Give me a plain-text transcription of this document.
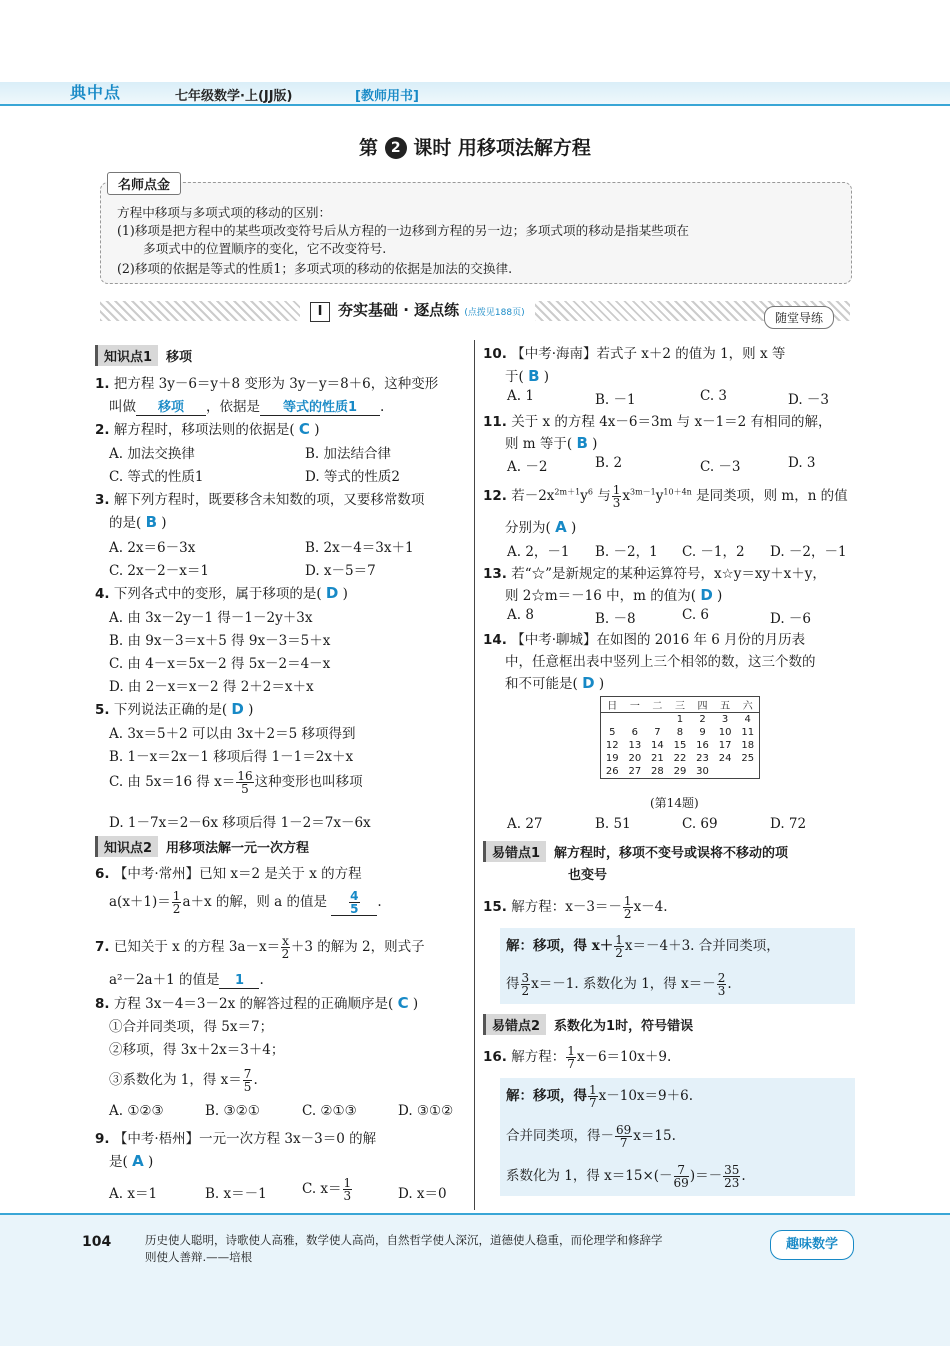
典中点	七年级数学·上(JJ版)	[教师用书]
第 2 课时 用移项法解方程
方程中移项与多项式项的移动的区别：
(1)移项是把方程中的某些项改变符号后从方程的一边移到方程的另一边；多项式项的移动是指某些项在
多项式中的位置顺序的变化，它不改变符号.
(2)移项的依据是等式的性质1；多项式项的移动的依据是加法的交换律.
名师点金
I 夯实基础 · 逐点练 (点拨见188页)	随堂导练
知识点1 移项
1. 把方程 3y－6＝y＋8 变形为 3y－y＝8＋6，这种变形
叫做 移项 ，依据是 等式的性质1 .
2. 解方程时，移项法则的依据是( C )
A. 加法交换律	B. 加法结合律
C. 等式的性质1	D. 等式的性质2
3. 解下列方程时，既要移含未知数的项，又要移常数项
的是( B )
A. 2x＝6－3x	B. 2x－4＝3x＋1
C. 2x－2－x＝1	D. x－5＝7
4. 下列各式中的变形，属于移项的是( D )
A. 由 3x－2y－1 得－1－2y＋3x
B. 由 9x－3＝x＋5 得 9x－3＝5＋x
C. 由 4－x＝5x－2 得 5x－2＝4－x
D. 由 2－x＝x－2 得 2＋2＝x＋x
5. 下列说法正确的是( D )
A. 3x＝5＋2 可以由 3x＋2＝5 移项得到
B. 1－x＝2x－1 移项后得 1－1＝2x＋x
C. 由 5x＝16 得 $x= \frac{16}{5}$ 这种变形也叫移项
D. 1－7x＝2－6x 移项后得 1－2＝7x－6x
知识点2 用移项法解一元一次方程
6. 【中考·常州】已知 x＝2 是关于 x 的方程
$a(x+1)= \frac{1}{2} a+x$ 的解，则 a 的值是 $\frac{4}{5}$ .
7. 已知关于 x 的方程 $3a-x= \frac{x}{2} +3$ 的解为 2，则式子
a²－2a＋1 的值是 1 .
8. 方程 3x－4＝3－2x 的解答过程的正确顺序是( C )
①合并同类项，得 5x＝7；
②移项，得 3x＋2x＝3＋4；
③系数化为 1，得 $x= \frac{7}{5}$ .
A. ①②③	B. ③②①	C. ②①③	D. ③①②
9. 【中考·梧州】一元一次方程 3x－3＝0 的解
是( A )
A. x＝1	B. x＝－1	C. $x= \frac{1}{3}$	D. x＝0
10. 【中考·海南】若式子 x＋2 的值为 1，则 x 等
于( B )
A. 1	B. －1	C. 3	D. －3
11. 关于 x 的方程 4x－6＝3m 与 x－1＝2 有相同的解，
则 m 等于( B )
A. －2	B. 2	C. －3	D. 3
12. 若$-2x^{2m+1}y^6$ 与 $\frac{1}{3} x^{3m-1}y^{10+4n}$ 是同类项，则 m，n 的值
分别为( A )
A. 2，－1 B. －2，1 C. －1，2 D. －2，－1
13. 若“☆”是新规定的某种运算符号，x☆y＝xy＋x＋y，
则 2☆m＝－16 中，m 的值为( D )
A. 8	B. －8	C. 6	D. －6
14. 【中考·聊城】在如图的 2016 年 6 月份的月历表
中，任意框出表中竖列上三个相邻的数，这三个数的
和不可能是( D )
日	一	二	三	四	五	六
			1	2	3	4
5	6	7	8	9	10	11
12	13	14	15	16	17	18
19	20	21	22	23	24	25
26	27	28	29	30		
(第14题)
A. 27	B. 51	C. 69	D. 72
易错点1 解方程时，移项不变号或误将不移动的项
也变号
15. 解方程：$x-3=- \frac{1}{2} x-4$.
解：移项，得 $x+ \frac{1}{2} x=-4+3$. 合并同类项，
得 $\frac{3}{2} x=-1$. 系数化为 1，得 $x=- \frac{2}{3}$ .
易错点2 系数化为1时，符号错误
16. 解方程： $\frac{1}{7} x-6=10x+9$.
解：移项，得 $\frac{1}{7} x-10x=9+6$.
合并同类项，得－ $\frac{69}{7} x=15$.
系数化为 1，得 $x=15\times(- \frac{7}{69}$ )＝－ $\frac{35}{23}$ .
104	历史使人聪明，诗歌使人高雅，数学使人高尚，自然哲学使人深沉，道德使人稳重，而伦理学和修辞学
则使人善辩.——培根
趣味数学
